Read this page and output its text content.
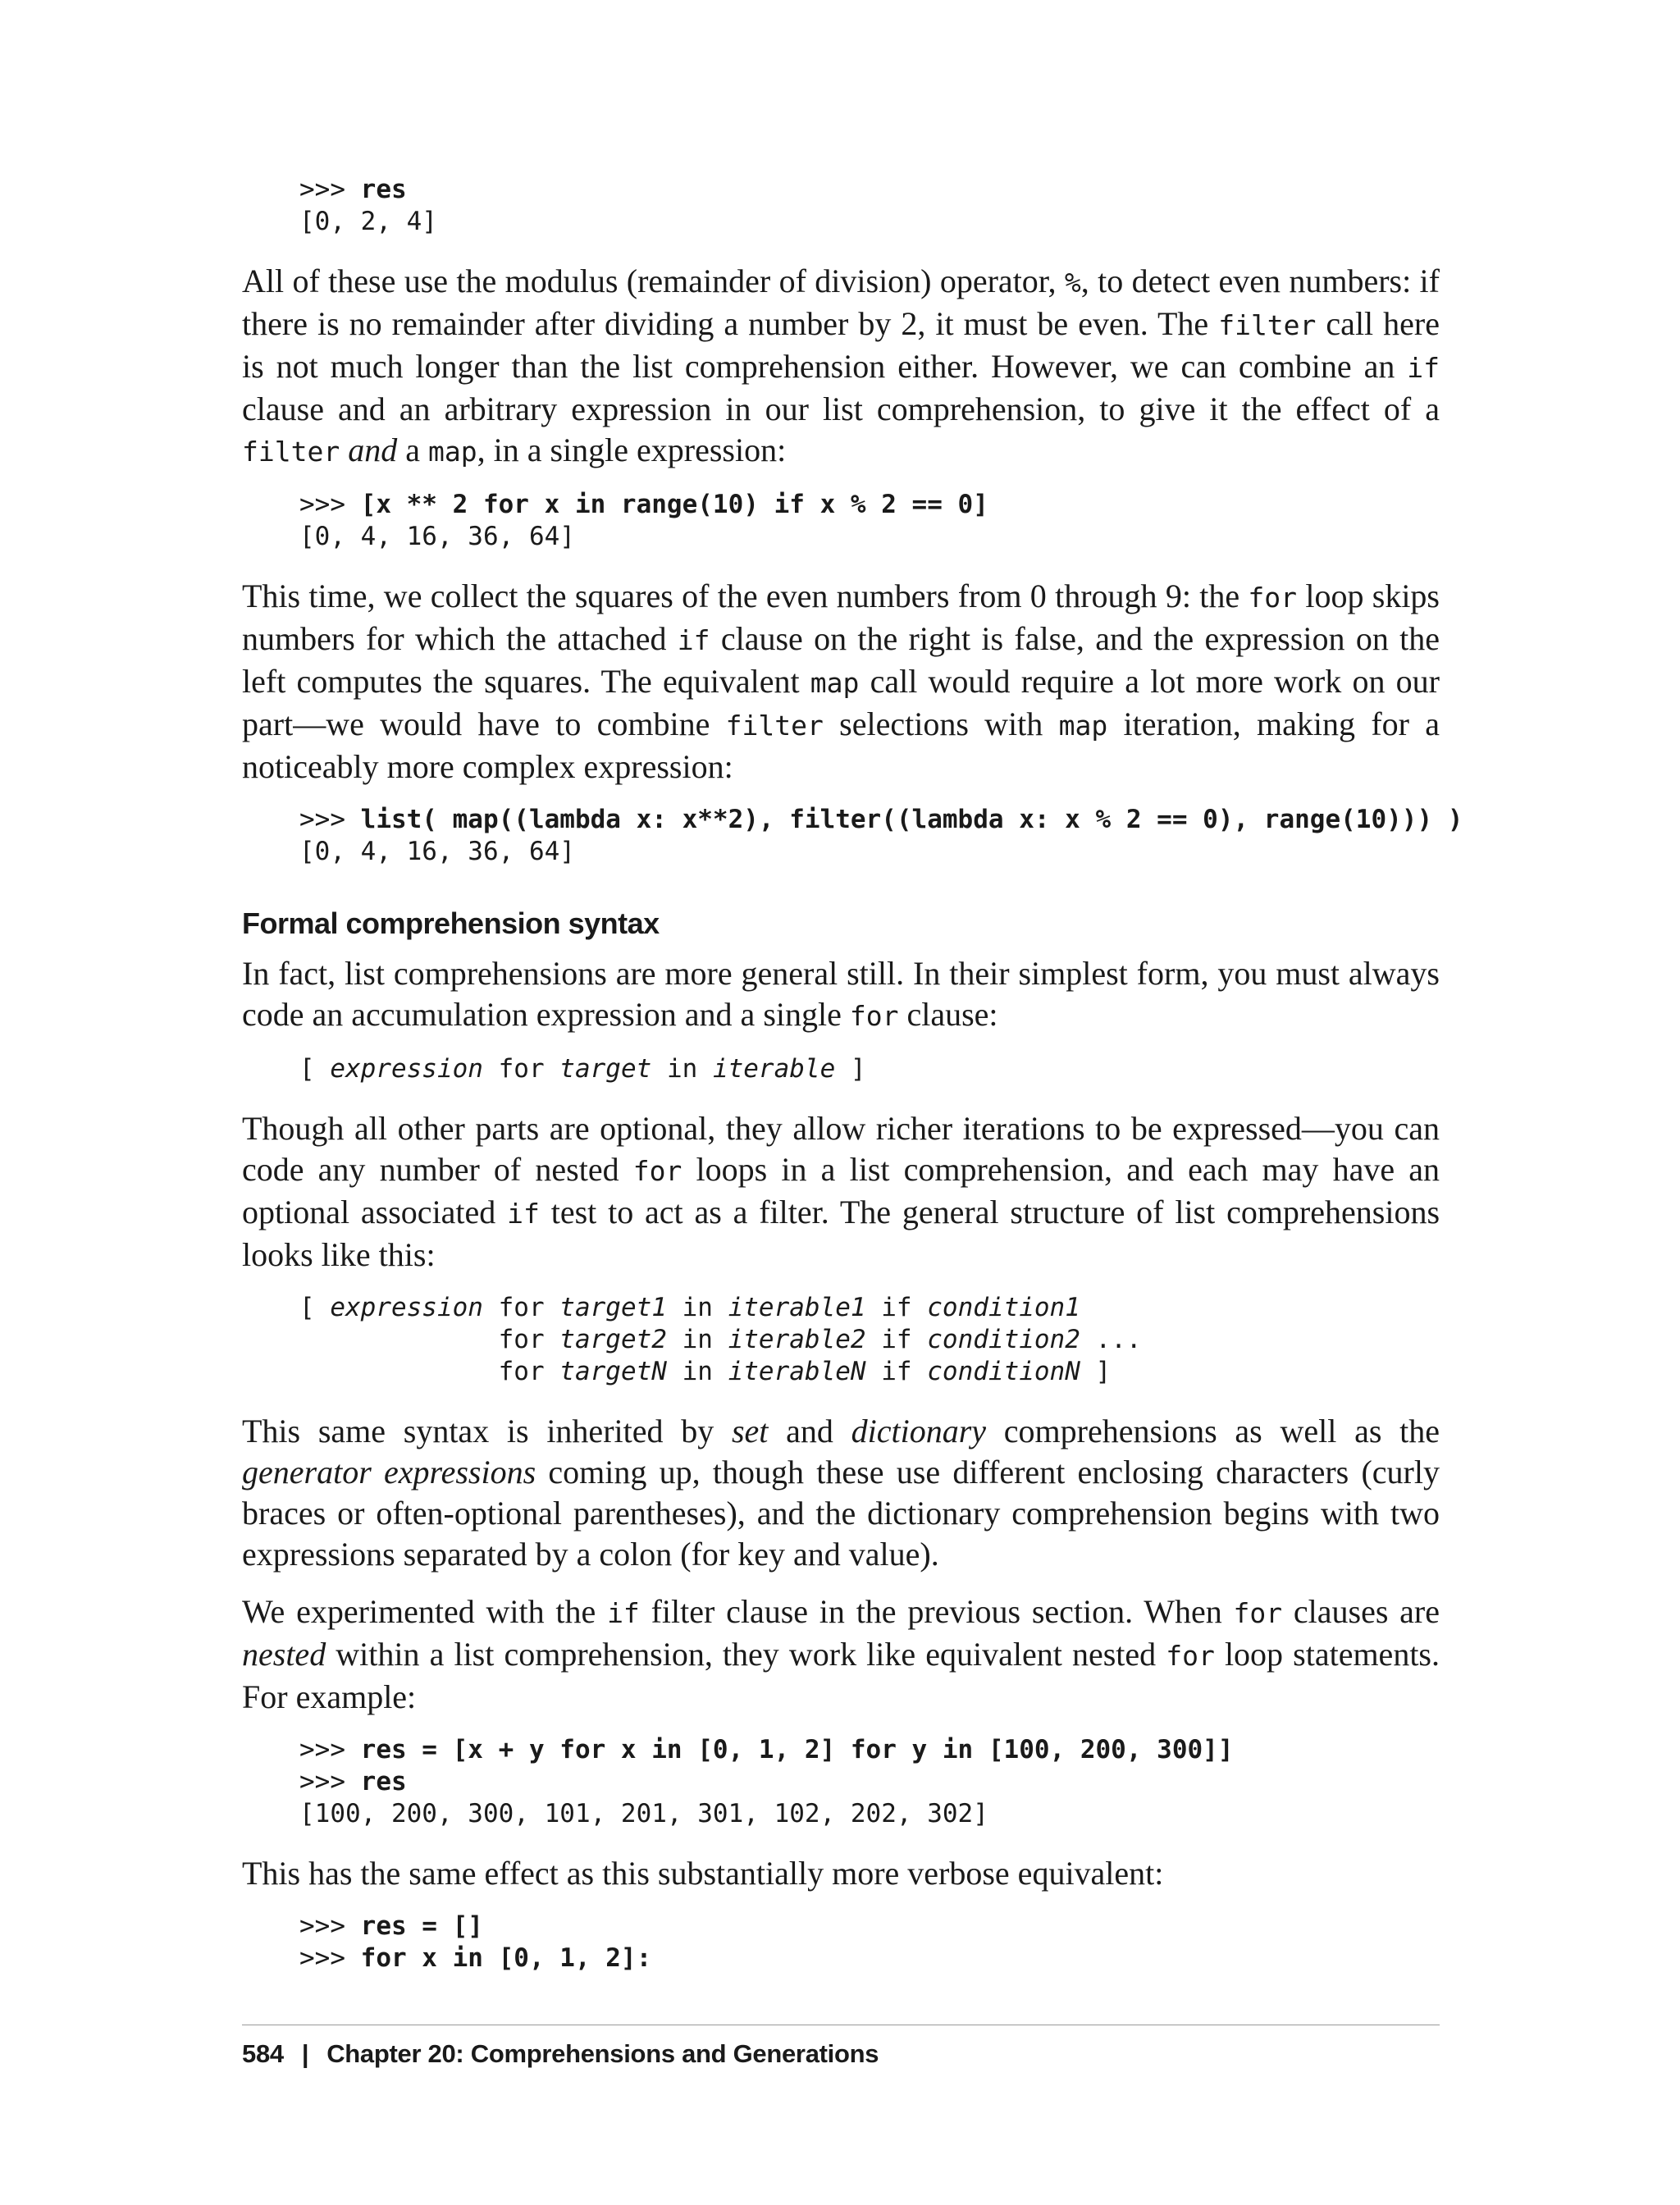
>>> res
[0, 2, 4]

All of these use the modulus (remainder of division) operator, %, to detect even numbers: if there is no remainder after dividing a number by 2, it must be even. The filter call here is not much longer than the list comprehension either. However, we can combine an if clause and an arbitrary expression in our list comprehension, to give it the effect of a filter and a map, in a single expression:

>>> [x ** 2 for x in range(10) if x % 2 == 0]
[0, 4, 16, 36, 64]

This time, we collect the squares of the even numbers from 0 through 9: the for loop skips numbers for which the attached if clause on the right is false, and the expression on the left computes the squares. The equivalent map call would require a lot more work on our part—we would have to combine filter selections with map iteration, making for a noticeably more complex expression:

>>> list( map((lambda x: x**2), filter((lambda x: x % 2 == 0), range(10))) )
[0, 4, 16, 36, 64]
Formal comprehension syntax

In fact, list comprehensions are more general still. In their simplest form, you must always code an accumulation expression and a single for clause:

[ expression for target in iterable ]

Though all other parts are optional, they allow richer iterations to be expressed—you can code any number of nested for loops in a list comprehension, and each may have an optional associated if test to act as a filter. The general structure of list comprehensions looks like this:

[ expression for target1 in iterable1 if condition1
for target2 in iterable2 if condition2 ...
for targetN in iterableN if conditionN ]

This same syntax is inherited by set and dictionary comprehensions as well as the generator expressions coming up, though these use different enclosing characters (curly braces or often-optional parentheses), and the dictionary comprehension begins with two expressions separated by a colon (for key and value).

We experimented with the if filter clause in the previous section. When for clauses are nested within a list comprehension, they work like equivalent nested for loop statements. For example:

>>> res = [x + y for x in [0, 1, 2] for y in [100, 200, 300]]
>>> res
[100, 200, 300, 101, 201, 301, 102, 202, 302]

This has the same effect as this substantially more verbose equivalent:

>>> res = []
>>> for x in [0, 1, 2]:
584 | Chapter 20: Comprehensions and Generations
